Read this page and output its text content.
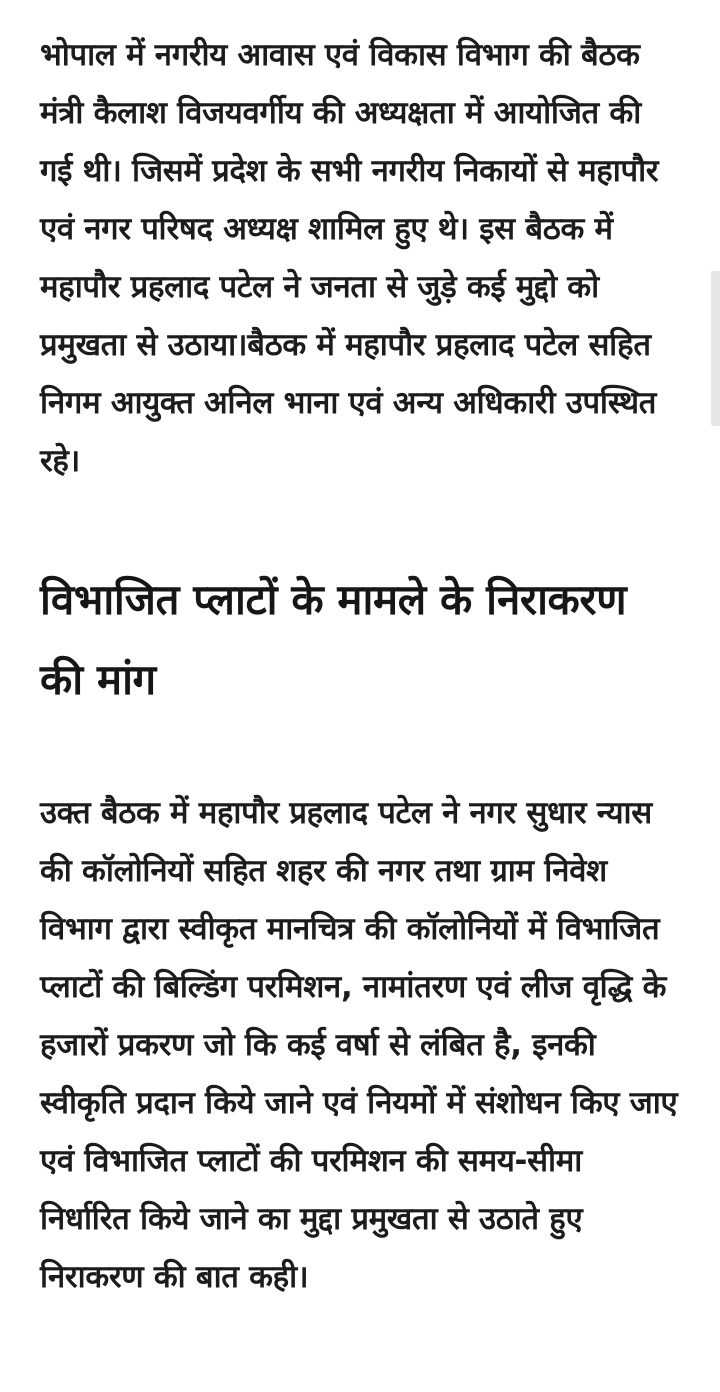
भोपाल में नगरीय आवास एवं विकास विभाग की बैठक मंत्री कैलाश विजयवर्गीय की अध्यक्षता में आयोजित की गई थी। जिसमें प्रदेश के सभी नगरीय निकायों से महापौर एवं नगर परिषद अध्यक्ष शामिल हुए थे। इस बैठक में महापौर प्रहलाद पटेल ने जनता से जुड़े कई मुद्दो को प्रमुखता से उठाया।बैठक में महापौर प्रहलाद पटेल सहित निगम आयुक्त अनिल भाना एवं अन्य अधिकारी उपस्थित रहे।

विभाजित प्लाटों के मामले के निराकरण की मांग

उक्त बैठक में महापौर प्रहलाद पटेल ने नगर सुधार न्यास की कॉलोनियों सहित शहर की नगर तथा ग्राम निवेश विभाग द्वारा स्वीकृत मानचित्र की कॉलोनियों में विभाजित प्लाटों की बिल्डिंग परमिशन, नामांतरण एवं लीज वृद्धि के हजारों प्रकरण जो कि कई वर्षा से लंबित है, इनकी स्वीकृति प्रदान किये जाने एवं नियमों में संशोधन किए जाए एवं विभाजित प्लाटों की परमिशन की समय-सीमा निर्धारित किये जाने का मुद्दा प्रमुखता से उठाते हुए निराकरण की बात कही।
